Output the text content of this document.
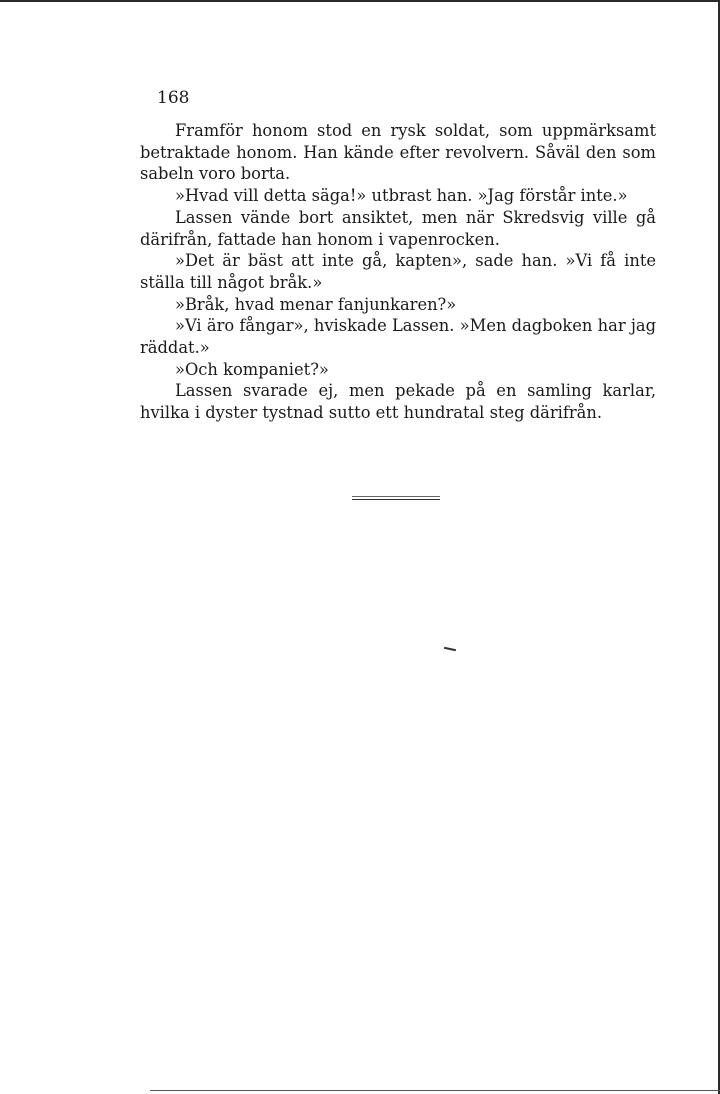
168

Framför honom stod en rysk soldat, som uppmärksamt betraktade honom. Han kände efter revolvern. Såväl den som sabeln voro borta.

»Hvad vill detta säga!» utbrast han. »Jag förstår inte.»

Lassen vände bort ansiktet, men när Skredsvig ville gå därifrån, fattade han honom i vapenrocken.

»Det är bäst att inte gå, kapten», sade han. »Vi få inte ställa till något bråk.»

»Bråk, hvad menar fanjunkaren?»

»Vi äro fångar», hviskade Lassen. »Men dagboken har jag räddat.»

»Och kompaniet?»

Lassen svarade ej, men pekade på en samling karlar, hvilka i dyster tystnad sutto ett hundratal steg därifrån.
